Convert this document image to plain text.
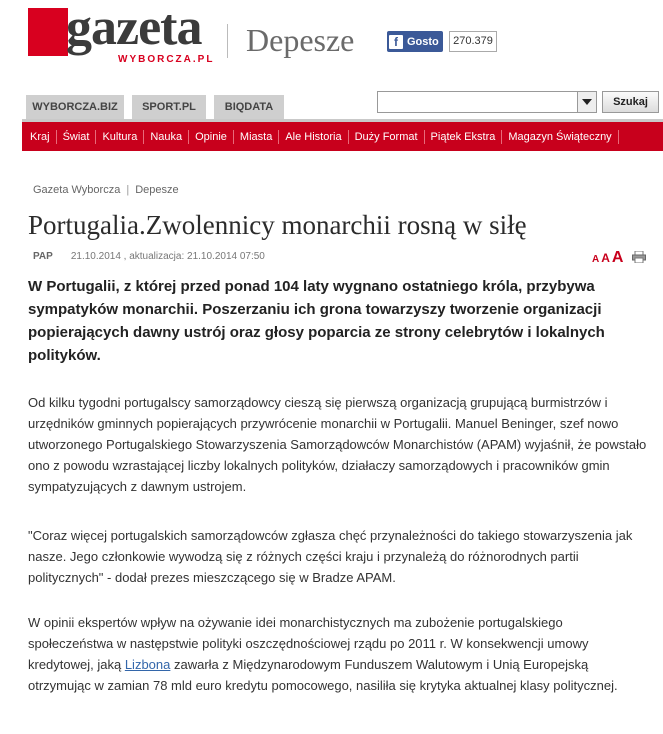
gazeta
WYBORCZA.PL
Depesze	f Gosto	270.379
WYBORCZA.BIZ	SPORT.PL	BIQDATA	Szukaj
Kraj	Świat	Kultura	Nauka	Opinie	Miasta	Ale Historia	Duży Format	Piątek Ekstra	Magazyn Świąteczny
Gazeta Wyborcza | Depesze
Portugalia.Zwolennicy monarchii rosną w siłę
PAP 21.10.2014 , aktualizacja: 21.10.2014 07:50	A A A
W Portugalii, z której przed ponad 104 laty wygnano ostatniego króla, przybywa sympatyków monarchii. Poszerzaniu ich grona towarzyszy tworzenie organizacji popierających dawny ustrój oraz głosy poparcia ze strony celebrytów i lokalnych polityków.
Od kilku tygodni portugalscy samorządowcy cieszą się pierwszą organizacją grupującą burmistrzów i urzędników gminnych popierających przywrócenie monarchii w Portugalii. Manuel Beninger, szef nowo utworzonego Portugalskiego Stowarzyszenia Samorządowców Monarchistów (APAM) wyjaśnił, że powstało ono z powodu wzrastającej liczby lokalnych polityków, działaczy samorządowych i pracowników gmin sympatyzujących z dawnym ustrojem.
"Coraz więcej portugalskich samorządowców zgłasza chęć przynależności do takiego stowarzyszenia jak nasze. Jego członkowie wywodzą się z różnych części kraju i przynależą do różnorodnych partii politycznych" - dodał prezes mieszczącego się w Bradze APAM.
W opinii ekspertów wpływ na ożywanie idei monarchistycznych ma zubożenie portugalskiego społeczeństwa w następstwie polityki oszczędnościowej rządu po 2011 r. W konsekwencji umowy kredytowej, jaką Lizbona zawarła z Międzynarodowym Funduszem Walutowym i Unią Europejską otrzymując w zamian 78 mld euro kredytu pomocowego, nasiliła się krytyka aktualnej klasy politycznej.
